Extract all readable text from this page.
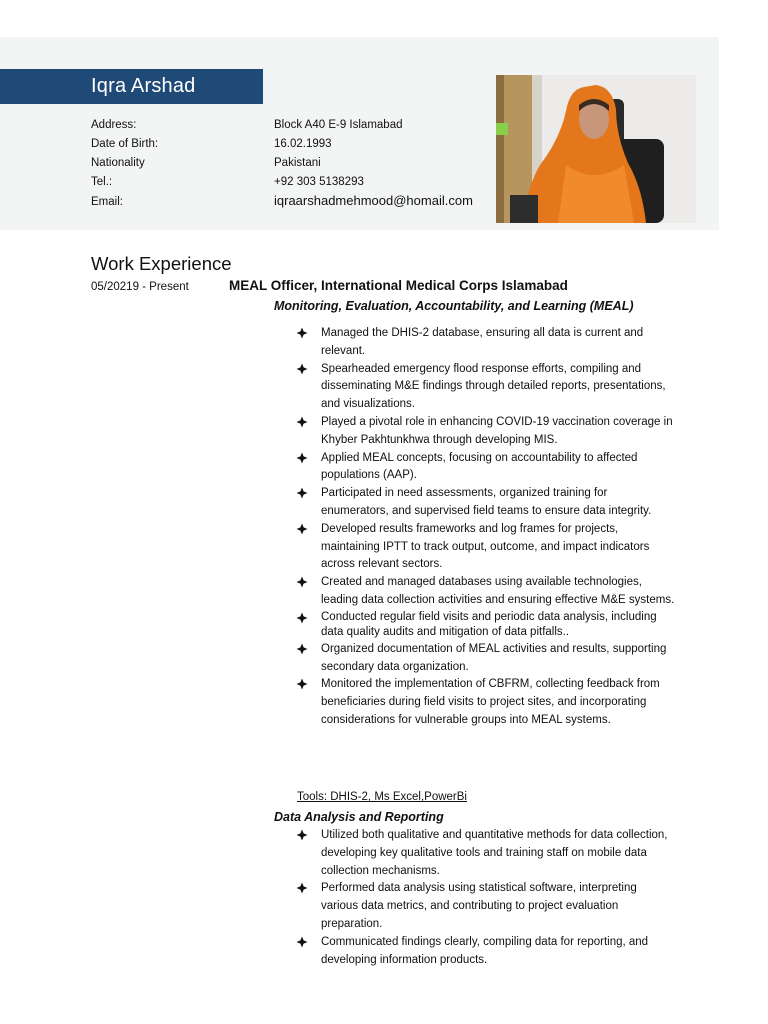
Iqra Arshad
Address:	Block A40 E-9 Islamabad
Date of Birth:	16.02.1993
Nationality	Pakistani
Tel.:	+92 303 5138293
Email:	iqraarshadmehmood@homail.com
Work Experience
05/20219 - Present	MEAL Officer, International Medical Corps Islamabad
Monitoring, Evaluation, Accountability, and Learning (MEAL)
Managed the DHIS-2 database, ensuring all data is current and relevant.
Spearheaded emergency flood response efforts, compiling and disseminating M&E findings through detailed reports, presentations, and visualizations.
Played a pivotal role in enhancing COVID-19 vaccination coverage in Khyber Pakhtunkhwa through developing MIS.
Applied MEAL concepts, focusing on accountability to affected populations (AAP).
Participated in need assessments, organized training for enumerators, and supervised field teams to ensure data integrity.
Developed results frameworks and log frames for projects, maintaining IPTT to track output, outcome, and impact indicators across relevant sectors.
Created and managed databases using available technologies, leading data collection activities and ensuring effective M&E systems.
Conducted regular field visits and periodic data analysis, including data quality audits and mitigation of data pitfalls..
Organized documentation of MEAL activities and results, supporting secondary data organization.
Monitored the implementation of CBFRM, collecting feedback from beneficiaries during field visits to project sites, and incorporating considerations for vulnerable groups into MEAL systems.
Tools: DHIS-2, Ms Excel,PowerBi
Data Analysis and Reporting
Utilized both qualitative and quantitative methods for data collection, developing key qualitative tools and training staff on mobile data collection mechanisms.
Performed data analysis using statistical software, interpreting various data metrics, and contributing to project evaluation preparation.
Communicated findings clearly, compiling data for reporting, and developing information products.
